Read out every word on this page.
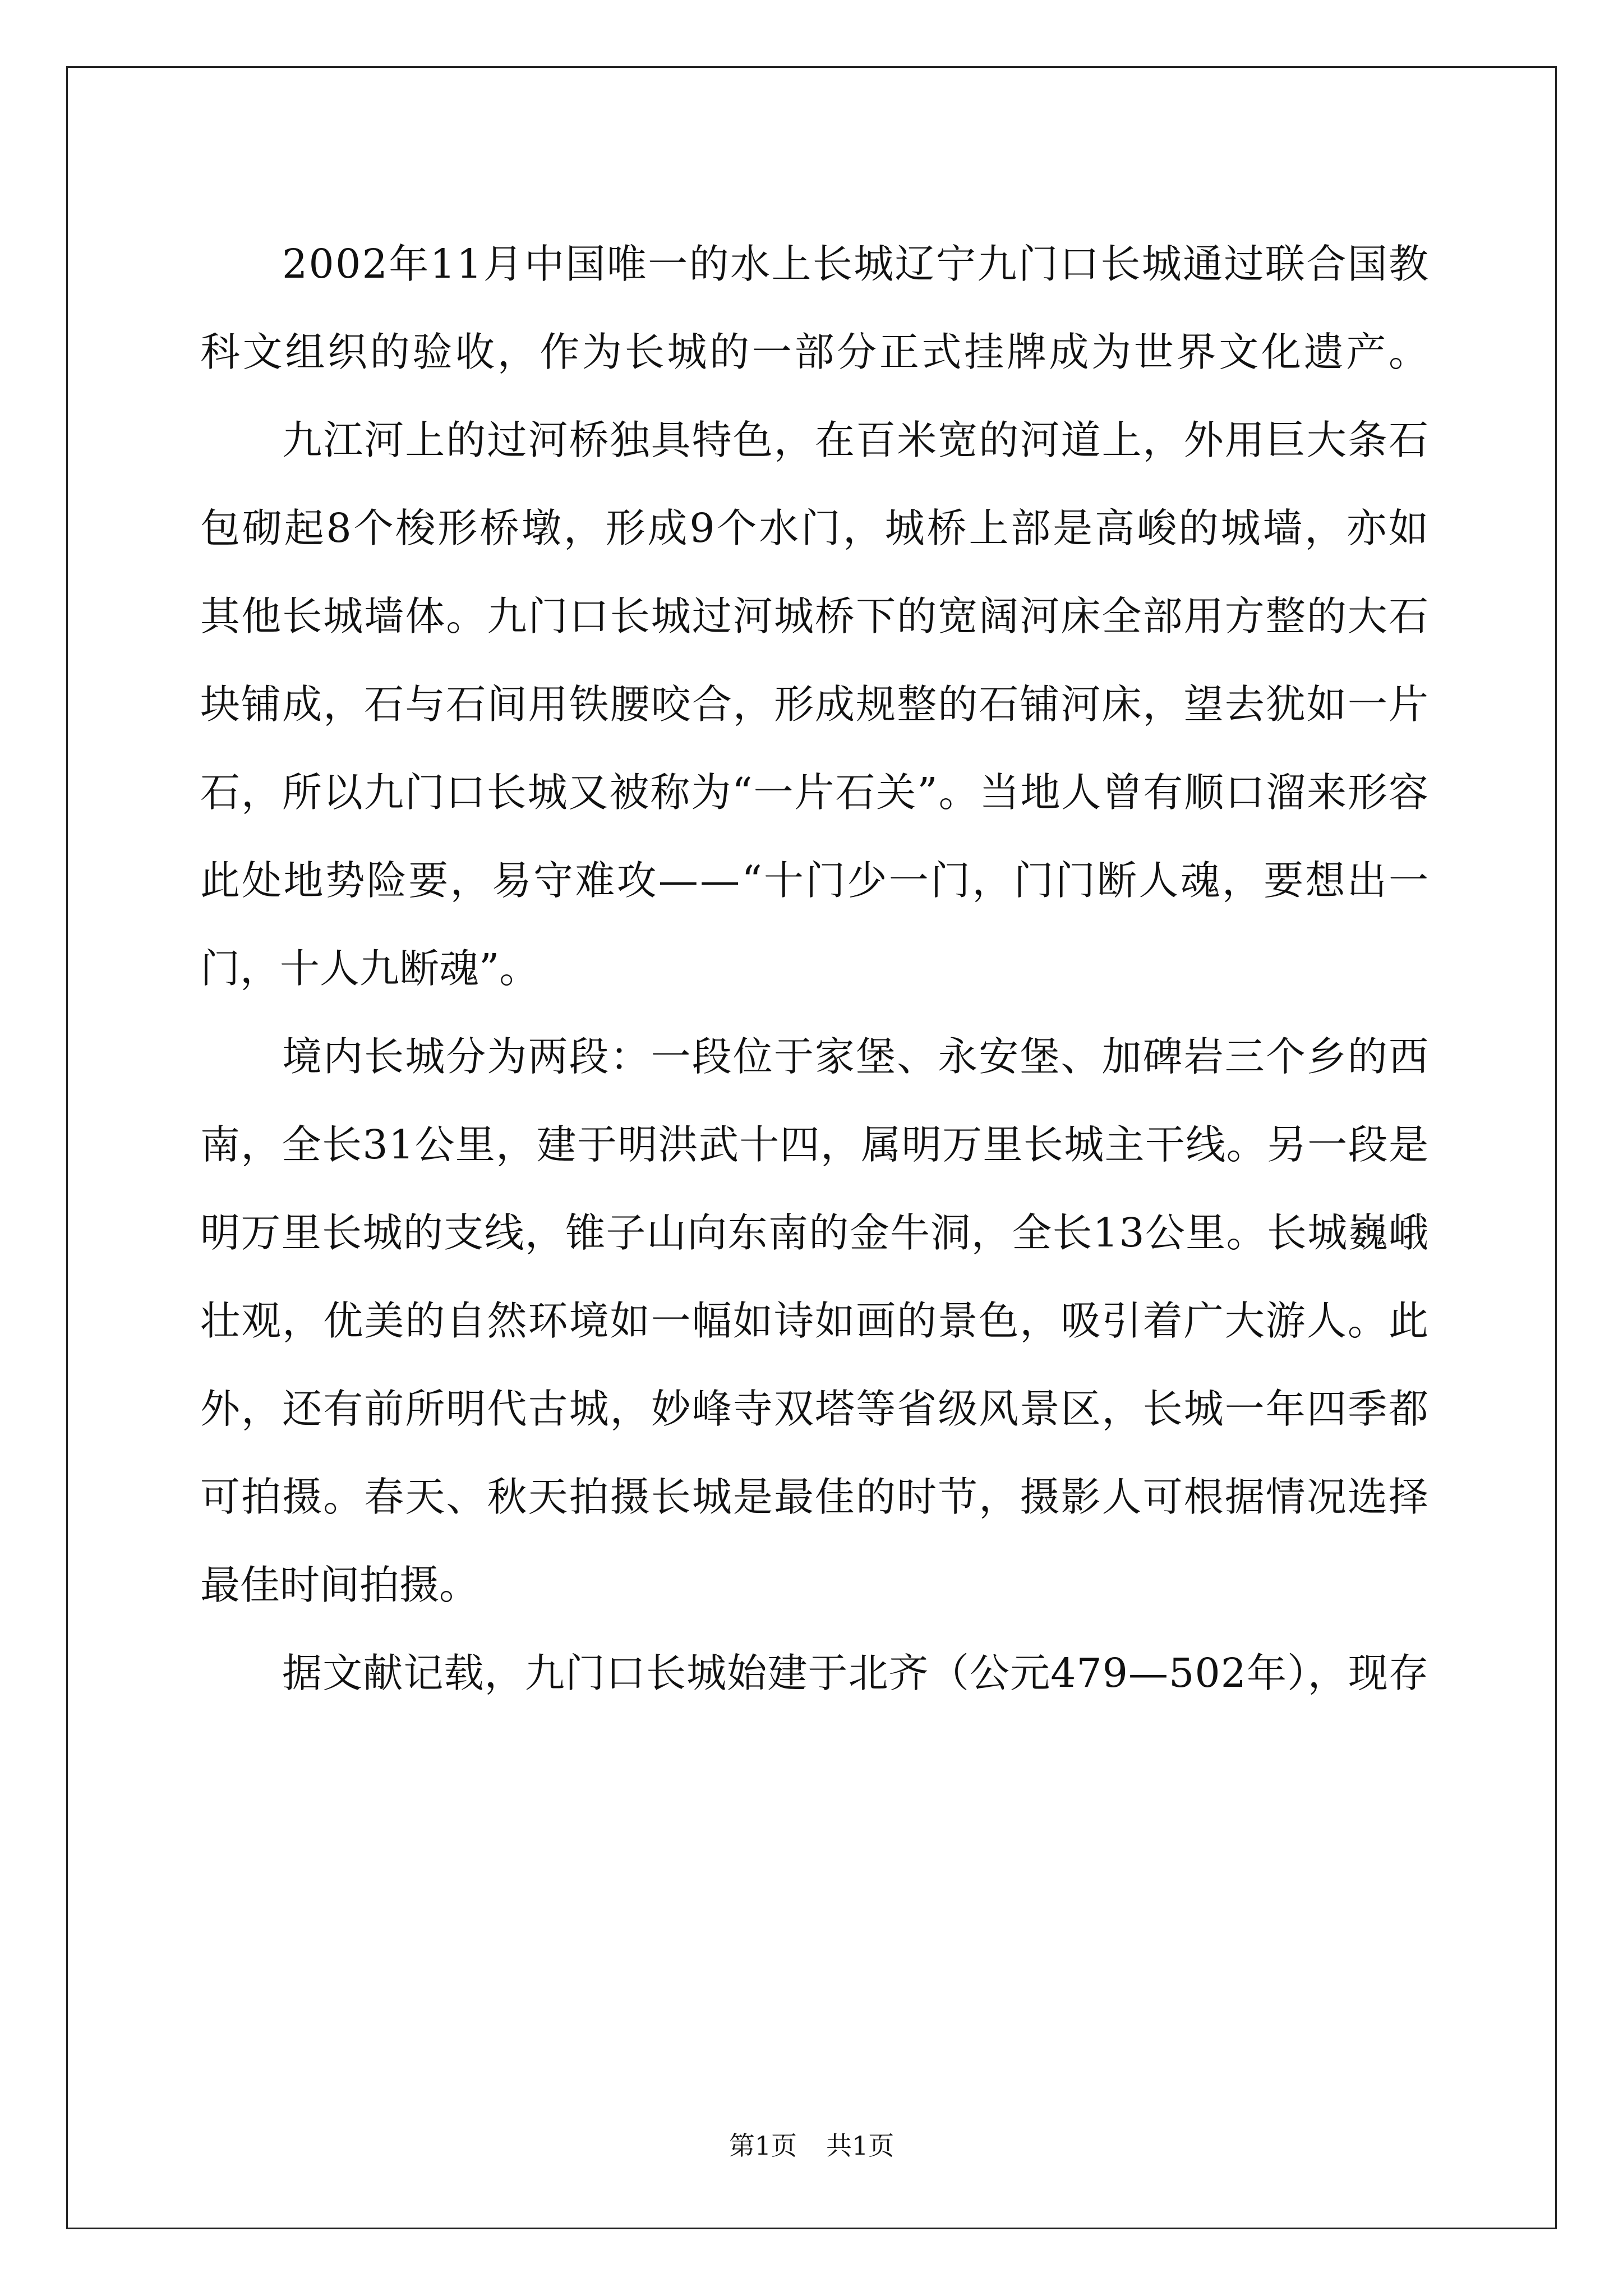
2002年11月中国唯一的水上长城辽宁九门口长城通过联合国教
科文组织的验收，作为长城的一部分正式挂牌成为世界文化遗产。
九江河上的过河桥独具特色，在百米宽的河道上，外用巨大条石
包砌起8个梭形桥墩，形成9个水门，城桥上部是高峻的城墙，亦如
其他长城墙体。九门口长城过河城桥下的宽阔河床全部用方整的大石
块铺成，石与石间用铁腰咬合，形成规整的石铺河床，望去犹如一片
石，所以九门口长城又被称为“一片石关”。当地人曾有顺口溜来形容
此处地势险要，易守难攻——“十门少一门，门门断人魂，要想出一
门，十人九断魂”。
境内长城分为两段：一段位于家堡、永安堡、加碑岩三个乡的西
南，全长31公里，建于明洪武十四，属明万里长城主干线。另一段是
明万里长城的支线，锥子山向东南的金牛洞，全长13公里。长城巍峨
壮观，优美的自然环境如一幅如诗如画的景色，吸引着广大游人。此
外，还有前所明代古城，妙峰寺双塔等省级风景区，长城一年四季都
可拍摄。春天、秋天拍摄长城是最佳的时节，摄影人可根据情况选择
最佳时间拍摄。
据文献记载，九门口长城始建于北齐（公元479—502年），现存
第1页 共1页
